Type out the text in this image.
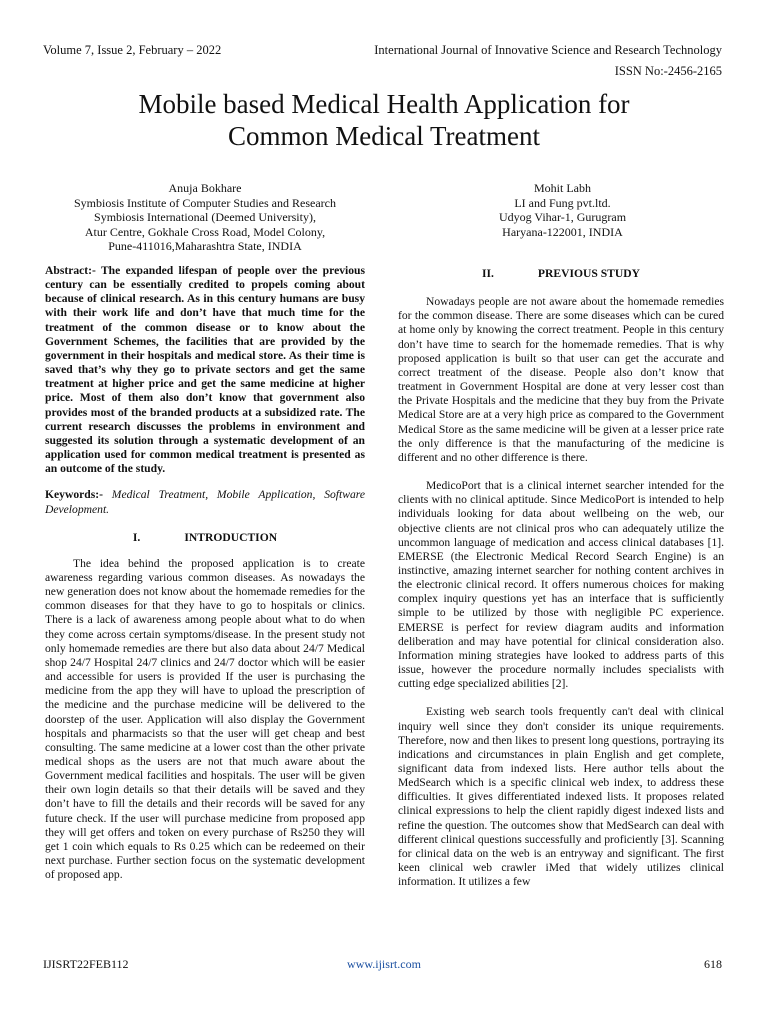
Volume 7, Issue 2, February – 2022	International Journal of Innovative Science and Research Technology
ISSN No:-2456-2165
Mobile based Medical Health Application for
Common Medical Treatment
Anuja Bokhare
Symbiosis Institute of Computer Studies and Research
Symbiosis International (Deemed University),
Atur Centre, Gokhale Cross Road, Model Colony,
Pune-411016,Maharashtra State, INDIA
Mohit Labh
LI and Fung pvt.ltd.
Udyog Vihar-1, Gurugram
Haryana-122001, INDIA

Abstract:- The expanded lifespan of people over the previous century can be essentially credited to propels coming about because of clinical research. As in this century humans are busy with their work life and don’t have that much time for the treatment of the common disease or to know about the Government Schemes, the facilities that are provided by the government in their hospitals and medical store. As their time is saved that’s why they go to private sectors and get the same treatment at higher price and get the same medicine at higher price. Most of them also don’t know that government also provides most of the branded products at a subsidized rate. The current research discusses the problems in environment and suggested its solution through a systematic development of an application used for common medical treatment is presented as an outcome of the study.

Keywords:- Medical Treatment, Mobile Application, Software Development.

I.	INTRODUCTION

The idea behind the proposed application is to create awareness regarding various common diseases. As nowadays the new generation does not know about the homemade remedies for the common diseases for that they have to go to hospitals or clinics. There is a lack of awareness among people about what to do when they come across certain symptoms/disease. In the present study not only homemade remedies are there but also data about 24/7 Medical shop 24/7 Hospital 24/7 clinics and 24/7 doctor which will be easier and accessible for users is provided If the user is purchasing the medicine from the app they will have to upload the prescription of the medicine and the purchase medicine will be delivered to the doorstep of the user. Application will also display the Government hospitals and pharmacists so that the user will get cheap and best consulting. The same medicine at a lower cost than the other private medical shops as the users are not that much aware about the Government medical facilities and hospitals. The user will be given their own login details so that their details will be saved and they don’t have to fill the details and their records will be saved for any future check. If the user will purchase medicine from proposed app they will get offers and token on every purchase of Rs250 they will get 1 coin which equals to Rs 0.25 which can be redeemed on their next purchase. Further section focus on the systematic development of proposed app.

II.	PREVIOUS STUDY

Nowadays people are not aware about the homemade remedies for the common disease. There are some diseases which can be cured at home only by knowing the correct treatment. People in this century don’t have time to search for the homemade remedies. That is why proposed application is built so that user can get the accurate and correct treatment of the disease. People also don’t know that treatment in Government Hospital are done at very lesser cost than the Private Hospitals and the medicine that they buy from the Private Medical Store are at a very high price as compared to the Government Medical Store as the same medicine will be given at a lesser price rate the only difference is that the manufacturing of the medicine is different and no other difference is there.

MedicoPort that is a clinical internet searcher intended for the clients with no clinical aptitude. Since MedicoPort is intended to help individuals looking for data about wellbeing on the web, our objective clients are not clinical pros who can adequately utilize the uncommon language of medication and access clinical databases [1]. EMERSE (the Electronic Medical Record Search Engine) is an instinctive, amazing internet searcher for nothing content archives in the electronic clinical record. It offers numerous choices for making complex inquiry questions yet has an interface that is sufficiently simple to be utilized by those with negligible PC experience. EMERSE is perfect for review diagram audits and information deliberation and may have potential for clinical consideration also. Information mining strategies have looked to address parts of this issue, however the procedure normally includes specialists with cutting edge specialized abilities [2].

Existing web search tools frequently can't deal with clinical inquiry well since they don't consider its unique requirements. Therefore, now and then likes to present long questions, portraying its indications and circumstances in plain English and get complete, significant data from indexed lists. Here author tells about the MedSearch which is a specific clinical web index, to address these difficulties. It gives differentiated indexed lists. It proposes related clinical expressions to help the client rapidly digest indexed lists and refine the question. The outcomes show that MedSearch can deal with different clinical questions successfully and proficiently [3]. Scanning for clinical data on the web is an entryway and significant. The first keen clinical web crawler iMed that widely utilizes clinical information. It utilizes a few

IJISRT22FEB112	www.ijisrt.com	618
